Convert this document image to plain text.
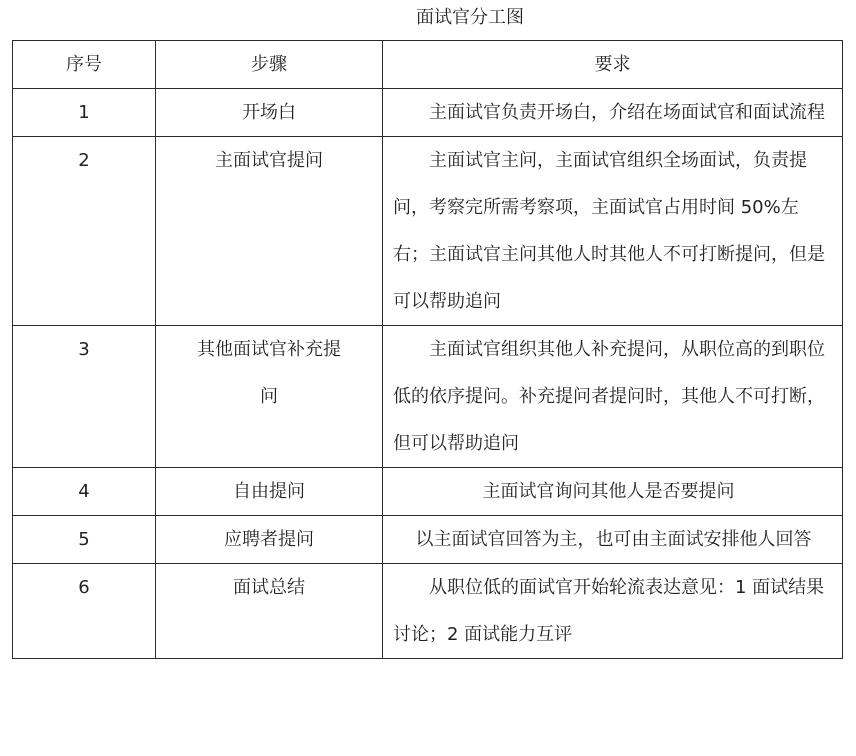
面试官分工图
序号	步骤	要求
1	开场白	主面试官负责开场白，介绍在场面试官和面试流程

2	主面试官提问	主面试官主问，主面试官组织全场面试，负责提问，考察完所需考察项，主面试官占用时间 50%左右；主面试官主问其他人时其他人不可打断提问，但是可以帮助追问

3	其他面试官补充提问	主面试官组织其他人补充提问，从职位高的到职位低的依序提问。补充提问者提问时，其他人不可打断，但可以帮助追问

4	自由提问	主面试官询问其他人是否要提问

5	应聘者提问	以主面试官回答为主，也可由主面试安排他人回答

6	面试总结	从职位低的面试官开始轮流表达意见：1 面试结果讨论；2 面试能力互评
